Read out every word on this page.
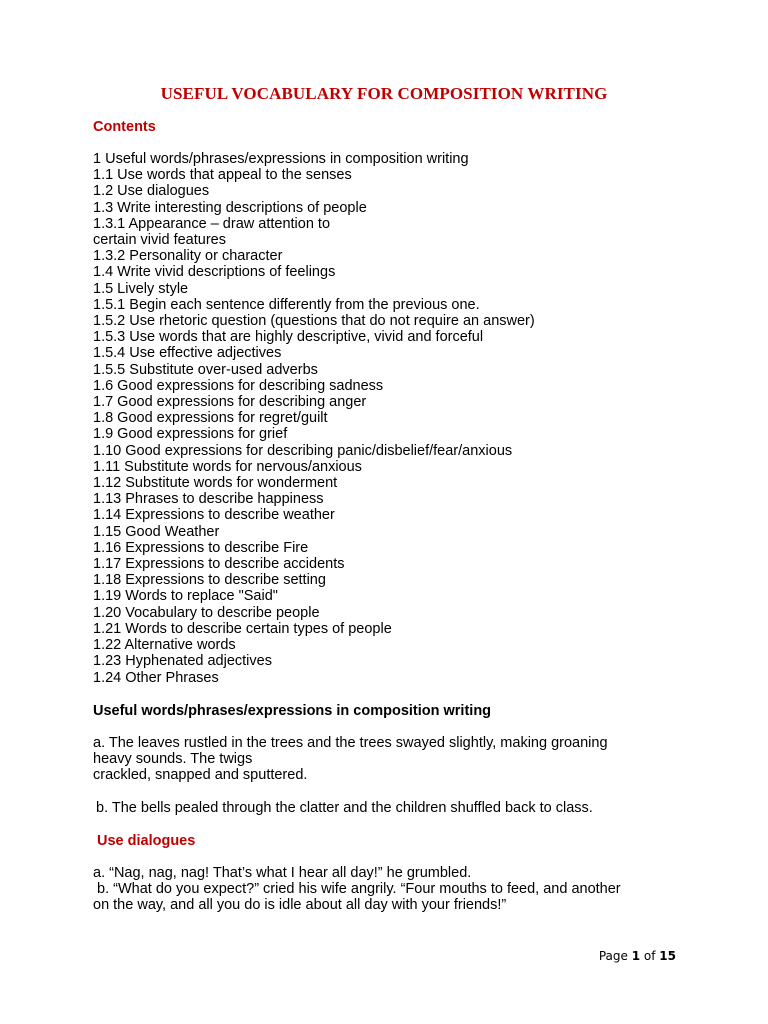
USEFUL VOCABULARY FOR COMPOSITION WRITING
Contents
1 Useful words/phrases/expressions in composition writing
1.1 Use words that appeal to the senses
1.2 Use dialogues
1.3 Write interesting descriptions of people
1.3.1 Appearance – draw attention to
certain vivid features
1.3.2 Personality or character
1.4 Write vivid descriptions of feelings
1.5 Lively style
1.5.1 Begin each sentence differently from the previous one.
1.5.2 Use rhetoric question (questions that do not require an answer)
1.5.3 Use words that are highly descriptive, vivid and forceful
1.5.4 Use effective adjectives
1.5.5 Substitute over-used adverbs
1.6 Good expressions for describing sadness
1.7 Good expressions for describing anger
1.8 Good expressions for regret/guilt
1.9 Good expressions for grief
1.10 Good expressions for describing panic/disbelief/fear/anxious
1.11 Substitute words for nervous/anxious
1.12 Substitute words for wonderment
1.13 Phrases to describe happiness
1.14 Expressions to describe weather
1.15 Good Weather
1.16 Expressions to describe Fire
1.17 Expressions to describe accidents
1.18 Expressions to describe setting
1.19 Words to replace "Said"
1.20 Vocabulary to describe people
1.21 Words to describe certain types of people
1.22 Alternative words
1.23 Hyphenated adjectives
1.24 Other Phrases
Useful words/phrases/expressions in composition writing

a. The leaves rustled in the trees and the trees swayed slightly, making groaning
heavy sounds. The twigs
crackled, snapped and sputtered.

b. The bells pealed through the clatter and the children shuffled back to class.

Use dialogues

a. “Nag, nag, nag! That’s what I hear all day!” he grumbled.
b. “What do you expect?” cried his wife angrily. “Four mouths to feed, and another
on the way, and all you do is idle about all day with your friends!”

Page 1 of 15
